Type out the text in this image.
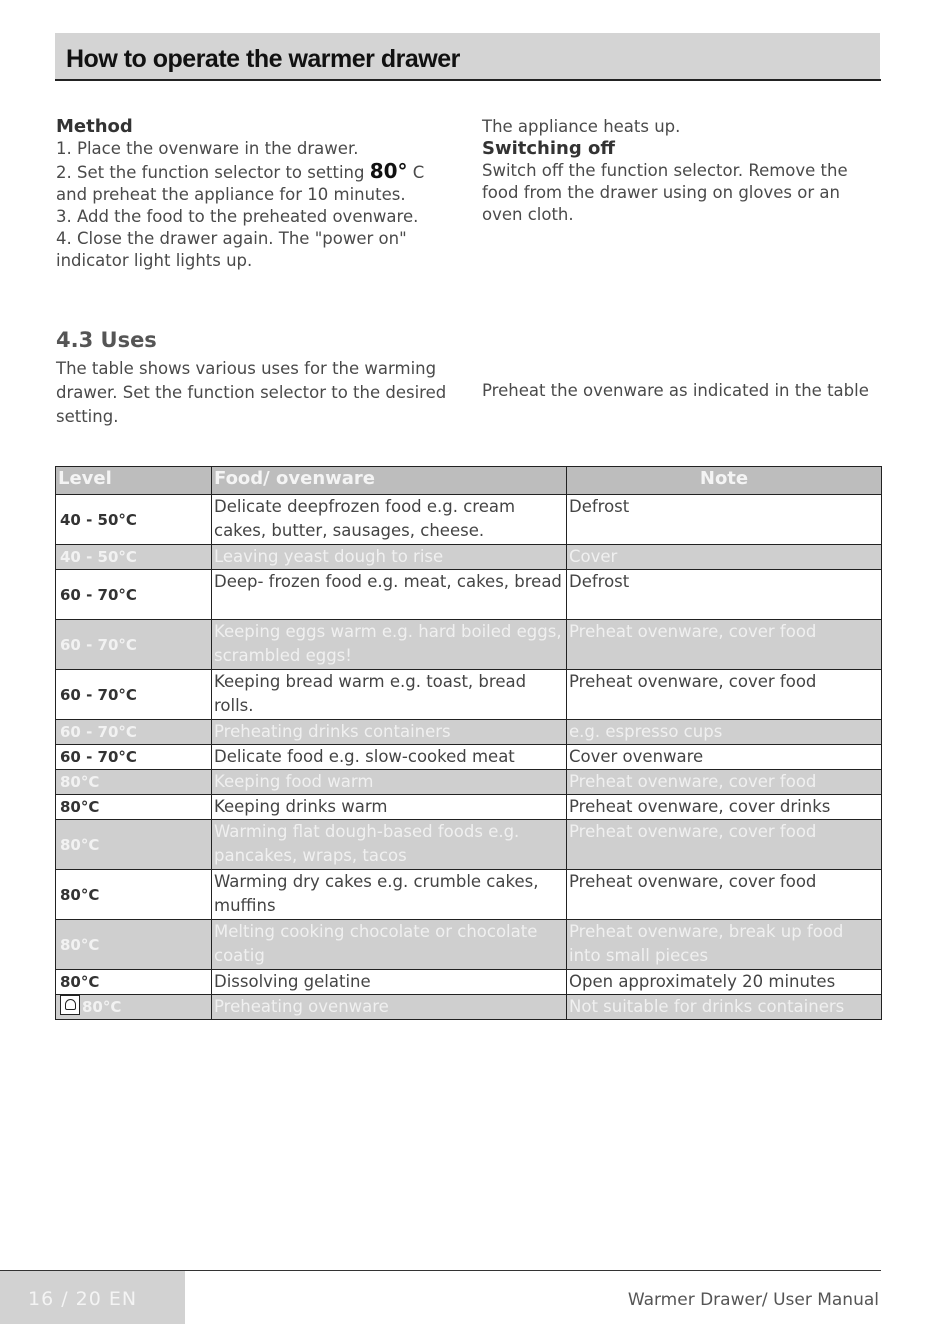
How to operate the warmer drawer

Method

1. Place the ovenware in the drawer.

2. Set the function selector to setting 80° C and preheat the appliance for 10 minutes.

3. Add the food to the preheated ovenware.

4. Close the drawer again. The "power on" indicator light lights up.

The appliance heats up.

Switching off

Switch off the function selector. Remove the food from the drawer using on gloves or an oven cloth.

4.3 Uses
The table shows various uses for the warming drawer. Set the function selector to the desired setting.
Preheat the ovenware as indicated in the table
Level	Food/ ovenware	Note
40 - 50°C	Delicate deepfrozen food e.g. cream cakes, butter, sausages, cheese.	Defrost
40 - 50°C	Leaving yeast dough to rise	Cover
60 - 70°C	Deep- frozen food e.g. meat, cakes, bread	Defrost
60 - 70°C	Keeping eggs warm e.g. hard boiled eggs, scrambled eggs!	Preheat ovenware, cover food
60 - 70°C	Keeping bread warm e.g. toast, bread rolls.	Preheat ovenware, cover food
60 - 70°C	Preheating drinks containers	e.g. espresso cups
60 - 70°C	Delicate food e.g. slow-cooked meat	Cover ovenware
80°C	Keeping food warm	Preheat ovenware, cover food
80°C	Keeping drinks warm	Preheat ovenware, cover drinks
80°C	Warming flat dough-based foods e.g. pancakes, wraps, tacos	Preheat ovenware, cover food
80°C	Warming dry cakes e.g. crumble cakes, muffins	Preheat ovenware, cover food
80°C	Melting cooking chocolate or chocolate coatig	Preheat ovenware, break up food into small pieces
80°C	Dissolving gelatine	Open approximately 20 minutes
80°C	Preheating ovenware	Not suitable for drinks containers
16 / 20 EN	Warmer Drawer/ User Manual
